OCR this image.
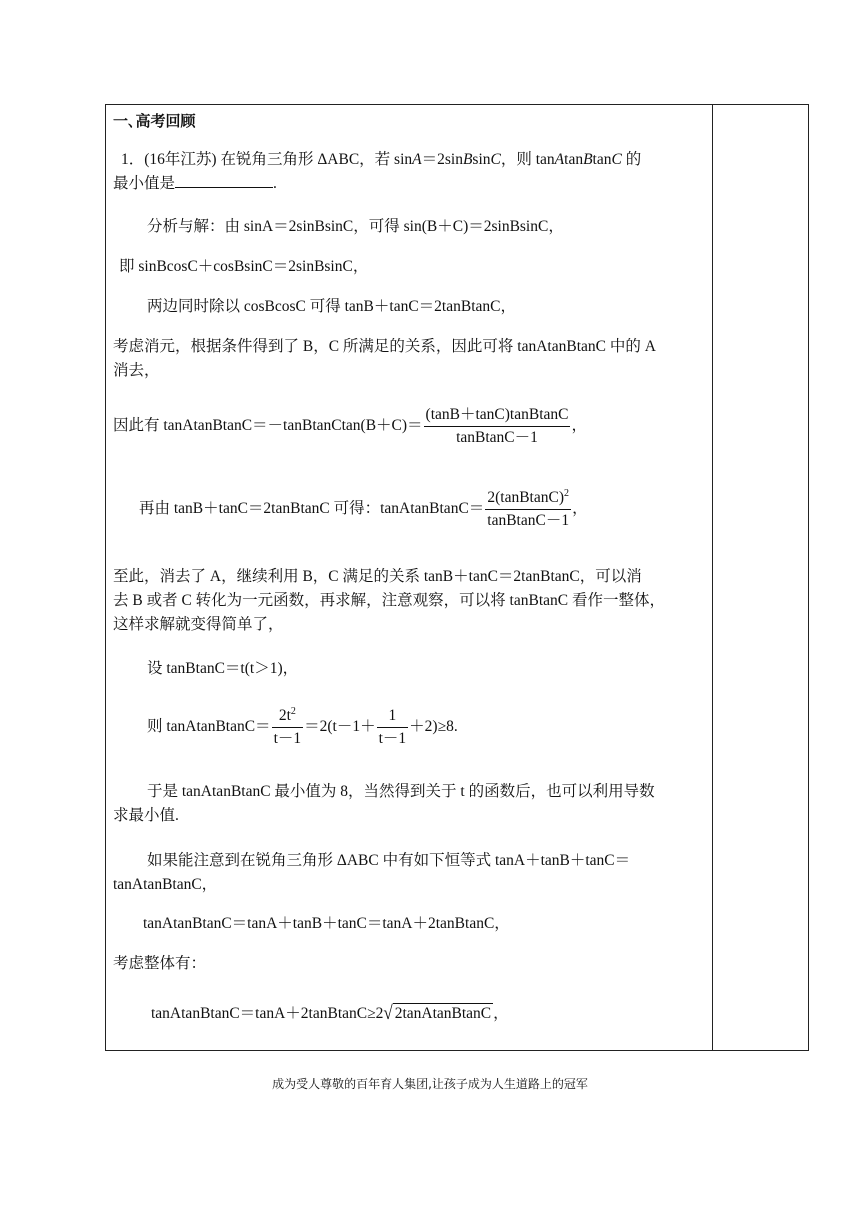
一､高考回顾
1．(16年江苏) 在锐角三角形 ΔABC，若 sinA＝2sinBsinC，则 tanAtanBtanC 的
最小值是	.
分析与解：由 sinA＝2sinBsinC，可得 sin(B＋C)＝2sinBsinC，
即 sinBcosC＋cosBsinC＝2sinBsinC，
两边同时除以 cosBcosC 可得 tanB＋tanC＝2tanBtanC，
考虑消元，根据条件得到了 B，C 所满足的关系，因此可将 tanAtanBtanC 中的 A
消去，
因此有 tanAtanBtanC＝－tanBtanCtan(B＋C)＝ $\frac{\text{(tanB＋tanC)tanBtanC}}{\text{tanBtanC－1}}$ ，
再由 tanB＋tanC＝2tanBtanC 可得：tanAtanBtanC＝ $\frac{2(tanBtanC)^2}{\text{tanBtanC－1}}$ ，
至此，消去了 A，继续利用 B，C 满足的关系 tanB＋tanC＝2tanBtanC，可以消
去 B 或者 C 转化为一元函数，再求解，注意观察，可以将 tanBtanC 看作一整体，
这样求解就变得简单了，
设 tanBtanC＝t(t＞1)，
则 tanAtanBtanC＝ $\frac{2t^2}{t-1} =2(t-1+ \frac{1}{t-1} +2)\ge 8$.
于是 tanAtanBtanC 最小值为 8，当然得到关于 t 的函数后，也可以利用导数
求最小值.
如果能注意到在锐角三角形 ΔABC 中有如下恒等式 tanA＋tanB＋tanC＝
tanAtanBtanC，
tanAtanBtanC＝tanA＋tanB＋tanC＝tanA＋2tanBtanC，
考虑整体有：
tanAtanBtanC＝tanA＋2tanBtanC≥2√ 2tanAtanBtanC ，
成为受人尊敬的百年育人集团,让孩子成为人生道路上的冠军
